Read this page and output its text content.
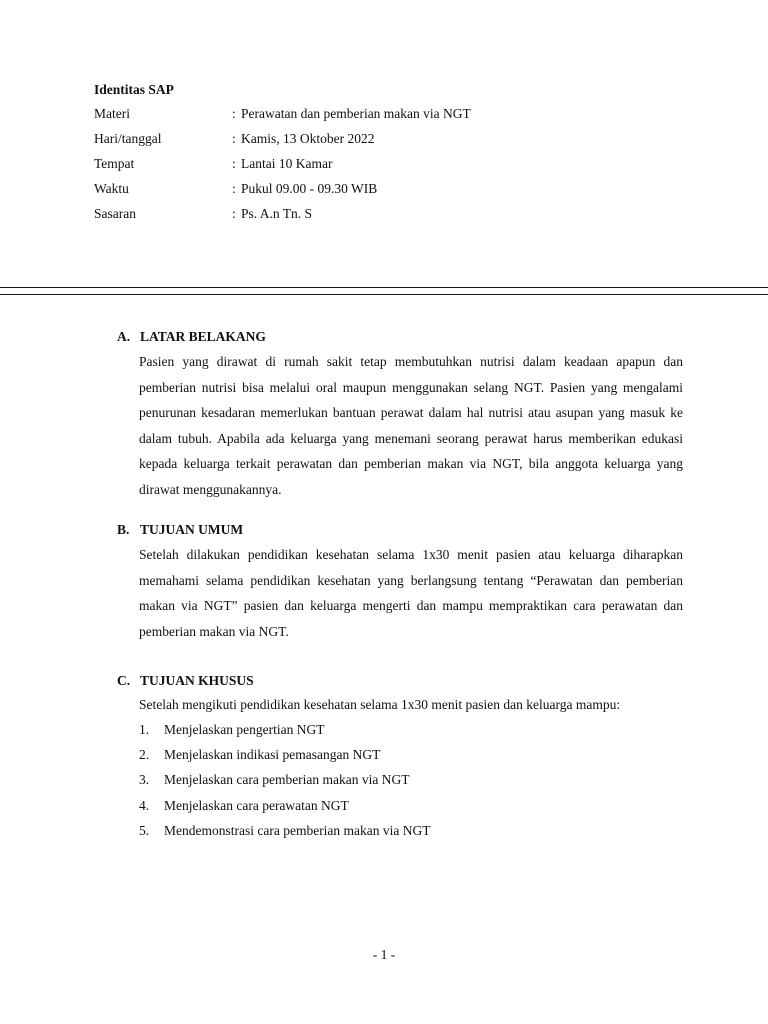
Identitas SAP
Materi	: Perawatan dan pemberian makan via NGT
Hari/tanggal	: Kamis, 13 Oktober 2022
Tempat	: Lantai 10 Kamar
Waktu	: Pukul 09.00 - 09.30 WIB
Sasaran	: Ps. A.n Tn. S
A. LATAR BELAKANG
Pasien yang dirawat di rumah sakit tetap membutuhkan nutrisi dalam keadaan apapun dan pemberian nutrisi bisa melalui oral maupun menggunakan selang NGT. Pasien yang mengalami penurunan kesadaran memerlukan bantuan perawat dalam hal nutrisi atau asupan yang masuk ke dalam tubuh. Apabila ada keluarga yang menemani seorang perawat harus memberikan edukasi kepada keluarga terkait perawatan dan pemberian makan via NGT, bila anggota keluarga yang dirawat menggunakannya.
B. TUJUAN UMUM
Setelah dilakukan pendidikan kesehatan selama 1x30 menit pasien atau keluarga diharapkan memahami selama pendidikan kesehatan yang berlangsung tentang “Perawatan dan pemberian makan via NGT” pasien dan keluarga mengerti dan mampu mempraktikan cara perawatan dan pemberian makan via NGT.
C. TUJUAN KHUSUS
Setelah mengikuti pendidikan kesehatan selama 1x30 menit pasien dan keluarga mampu:
1.	Menjelaskan pengertian NGT
2.	Menjelaskan indikasi pemasangan NGT
3.	Menjelaskan cara pemberian makan via NGT
4.	Menjelaskan cara perawatan NGT
5.	Mendemonstrasi cara pemberian makan via NGT
- 1 -
